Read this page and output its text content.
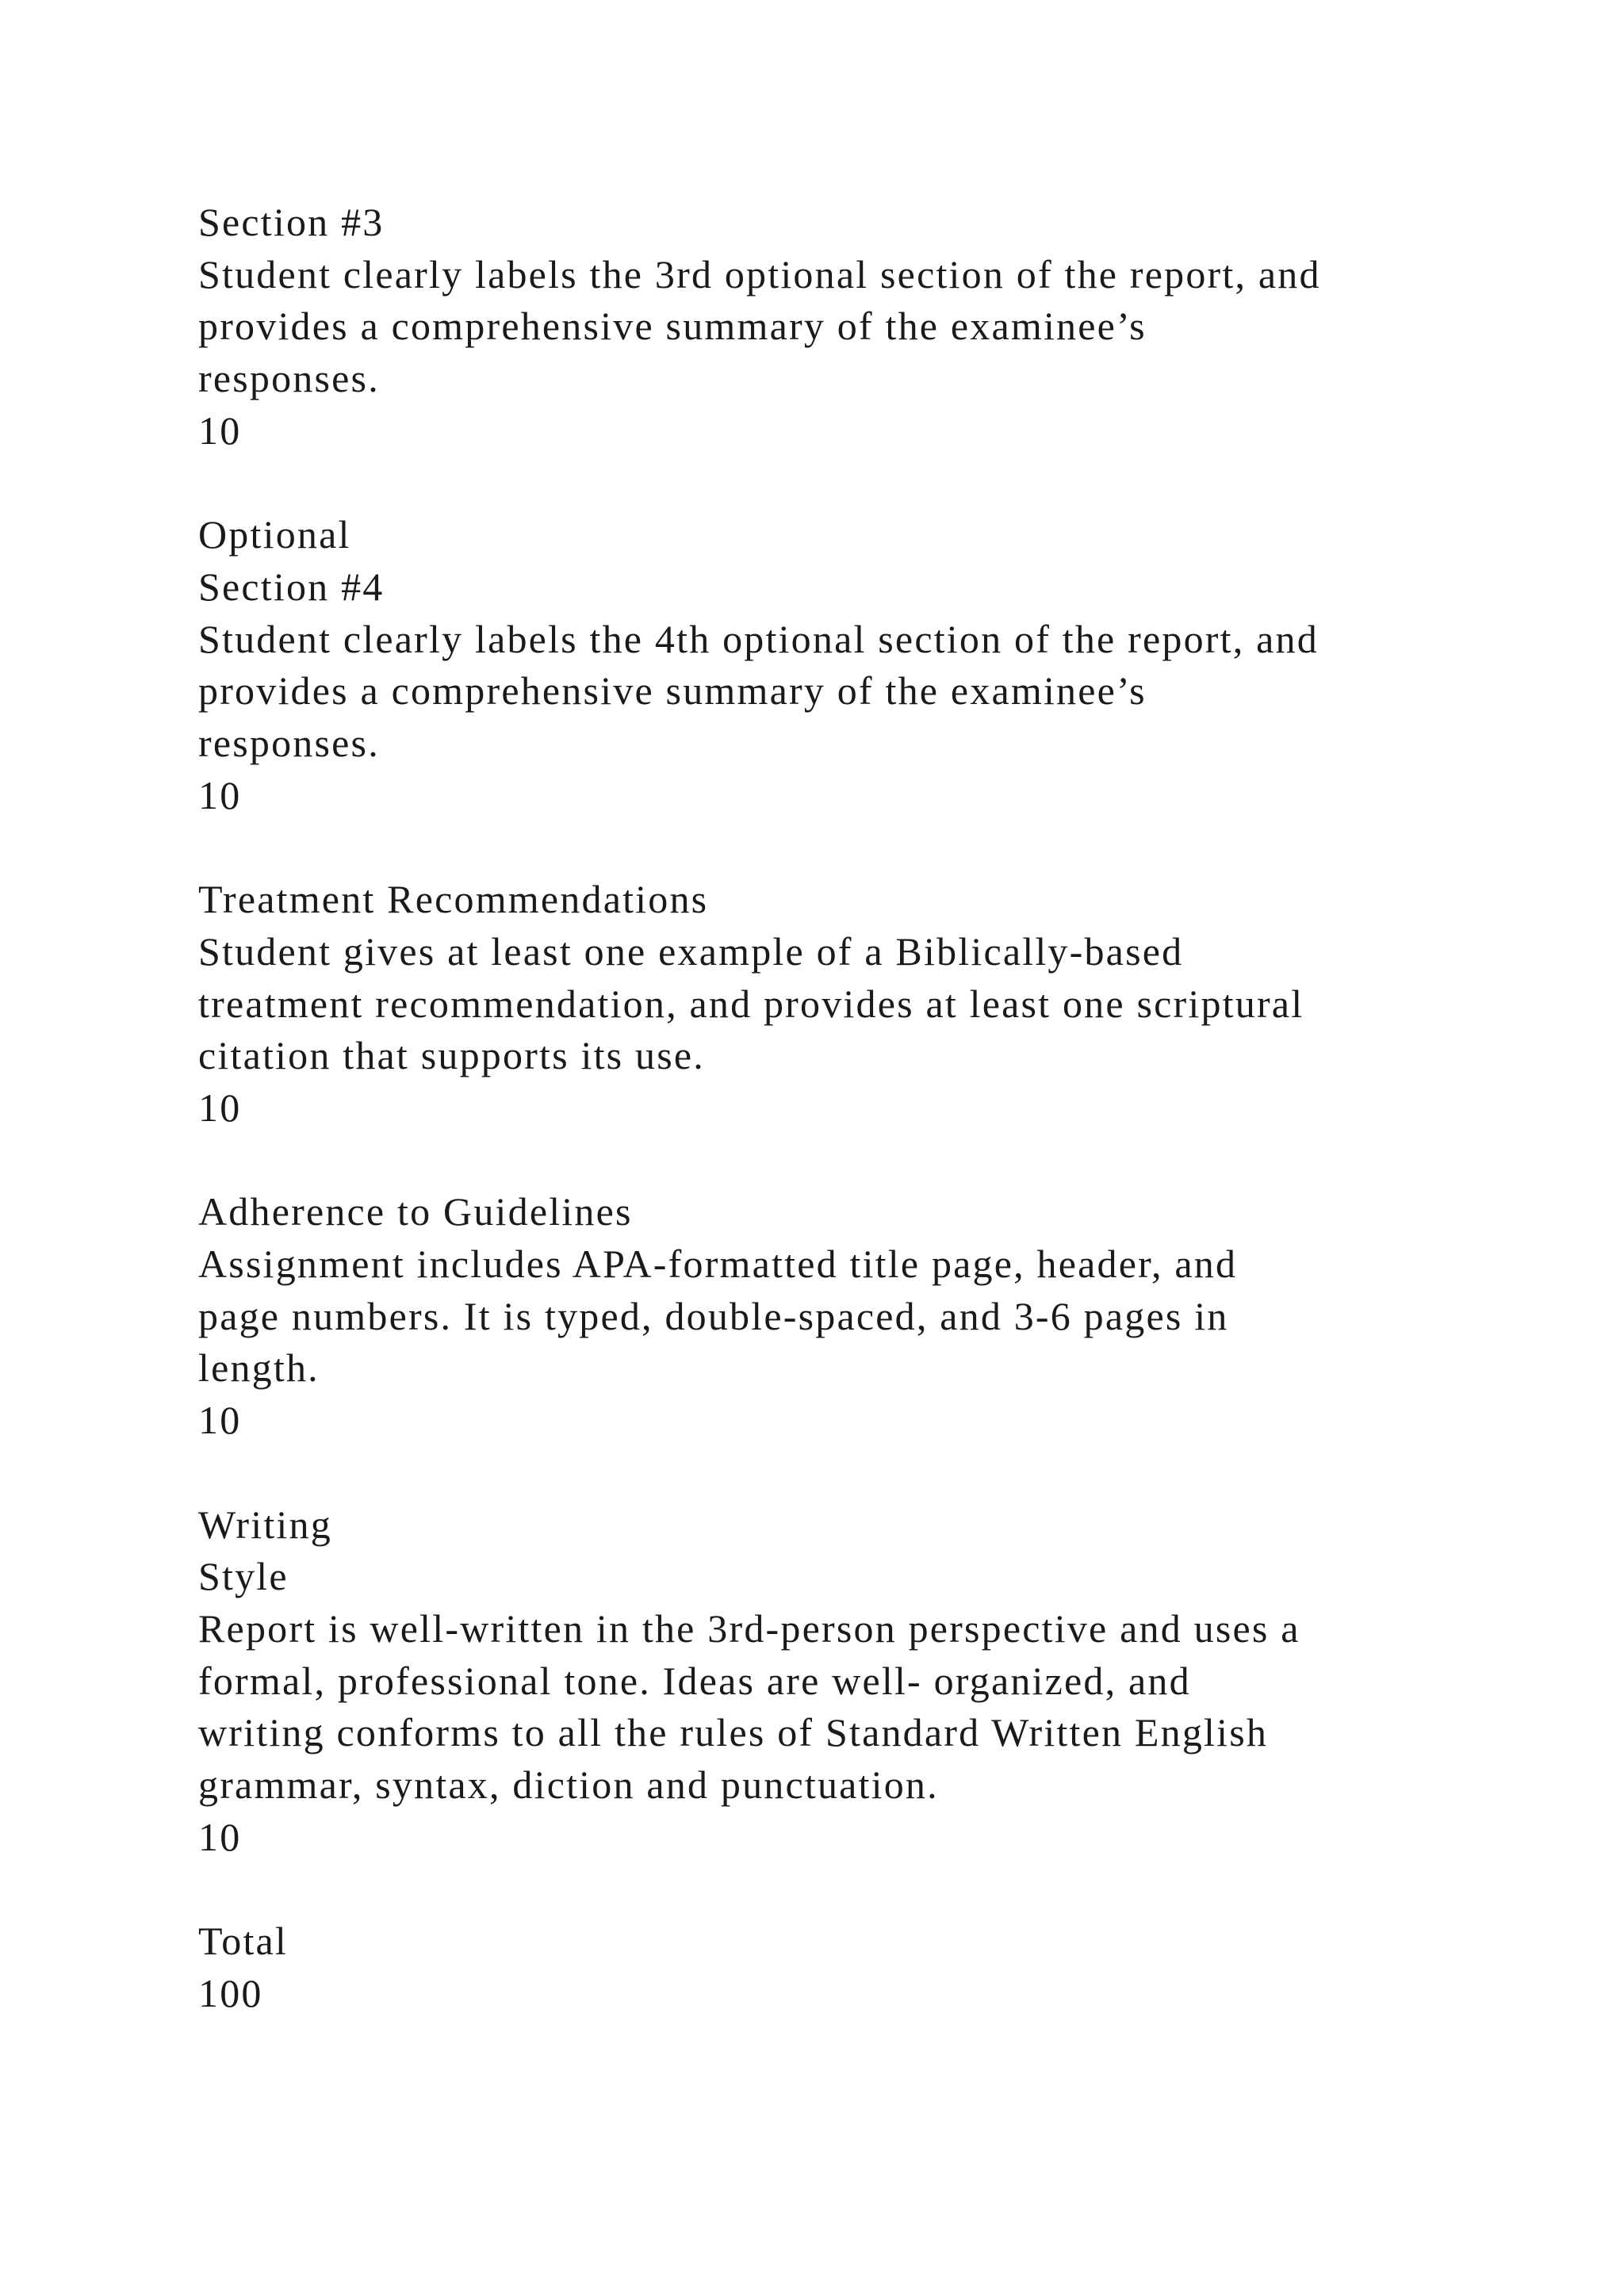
Section #3
Student clearly labels the 3rd optional section of the report, and
provides a comprehensive summary of the examinee’s
responses.
10
Optional
Section #4
Student clearly labels the 4th optional section of the report, and
provides a comprehensive summary of the examinee’s
responses.
10
Treatment Recommendations
Student gives at least one example of a Biblically-based
treatment recommendation, and provides at least one scriptural
citation that supports its use.
10
Adherence to Guidelines
Assignment includes APA-formatted title page, header, and
page numbers. It is typed, double-spaced, and 3-6 pages in
length.
10
Writing
Style
Report is well-written in the 3rd-person perspective and uses a
formal, professional tone. Ideas are well- organized, and
writing conforms to all the rules of Standard Written English
grammar, syntax, diction and punctuation.
10
Total
100
